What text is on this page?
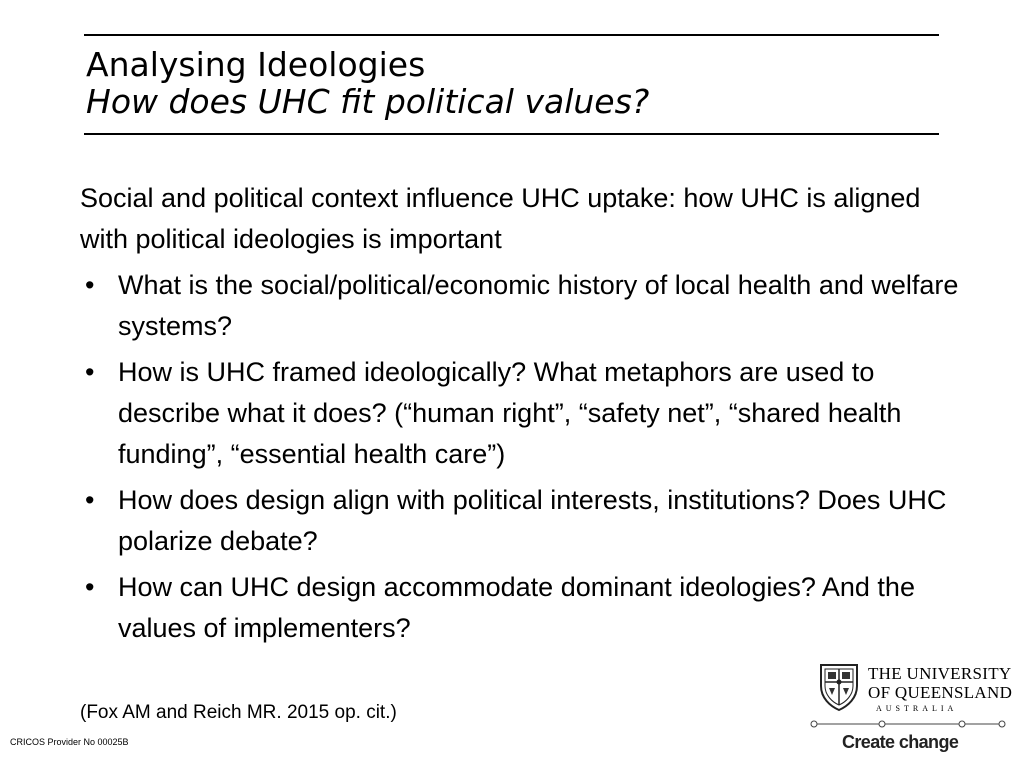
Analysing Ideologies
How does UHC fit political values?

Social and political context influence UHC uptake: how UHC is aligned with political ideologies is important

• What is the social/political/economic history of local health and welfare systems?
• How is UHC framed ideologically? What metaphors are used to describe what it does? (“human right”, “safety net”, “shared health funding”, “essential health care”)
• How does design align with political interests, institutions? Does UHC polarize debate?
• How can UHC design accommodate dominant ideologies? And the values of implementers?
(Fox AM and Reich MR. 2015 op. cit.)
CRICOS Provider No 00025B
THE UNIVERSITY
OF QUEENSLAND
AUSTRALIA
Create change
